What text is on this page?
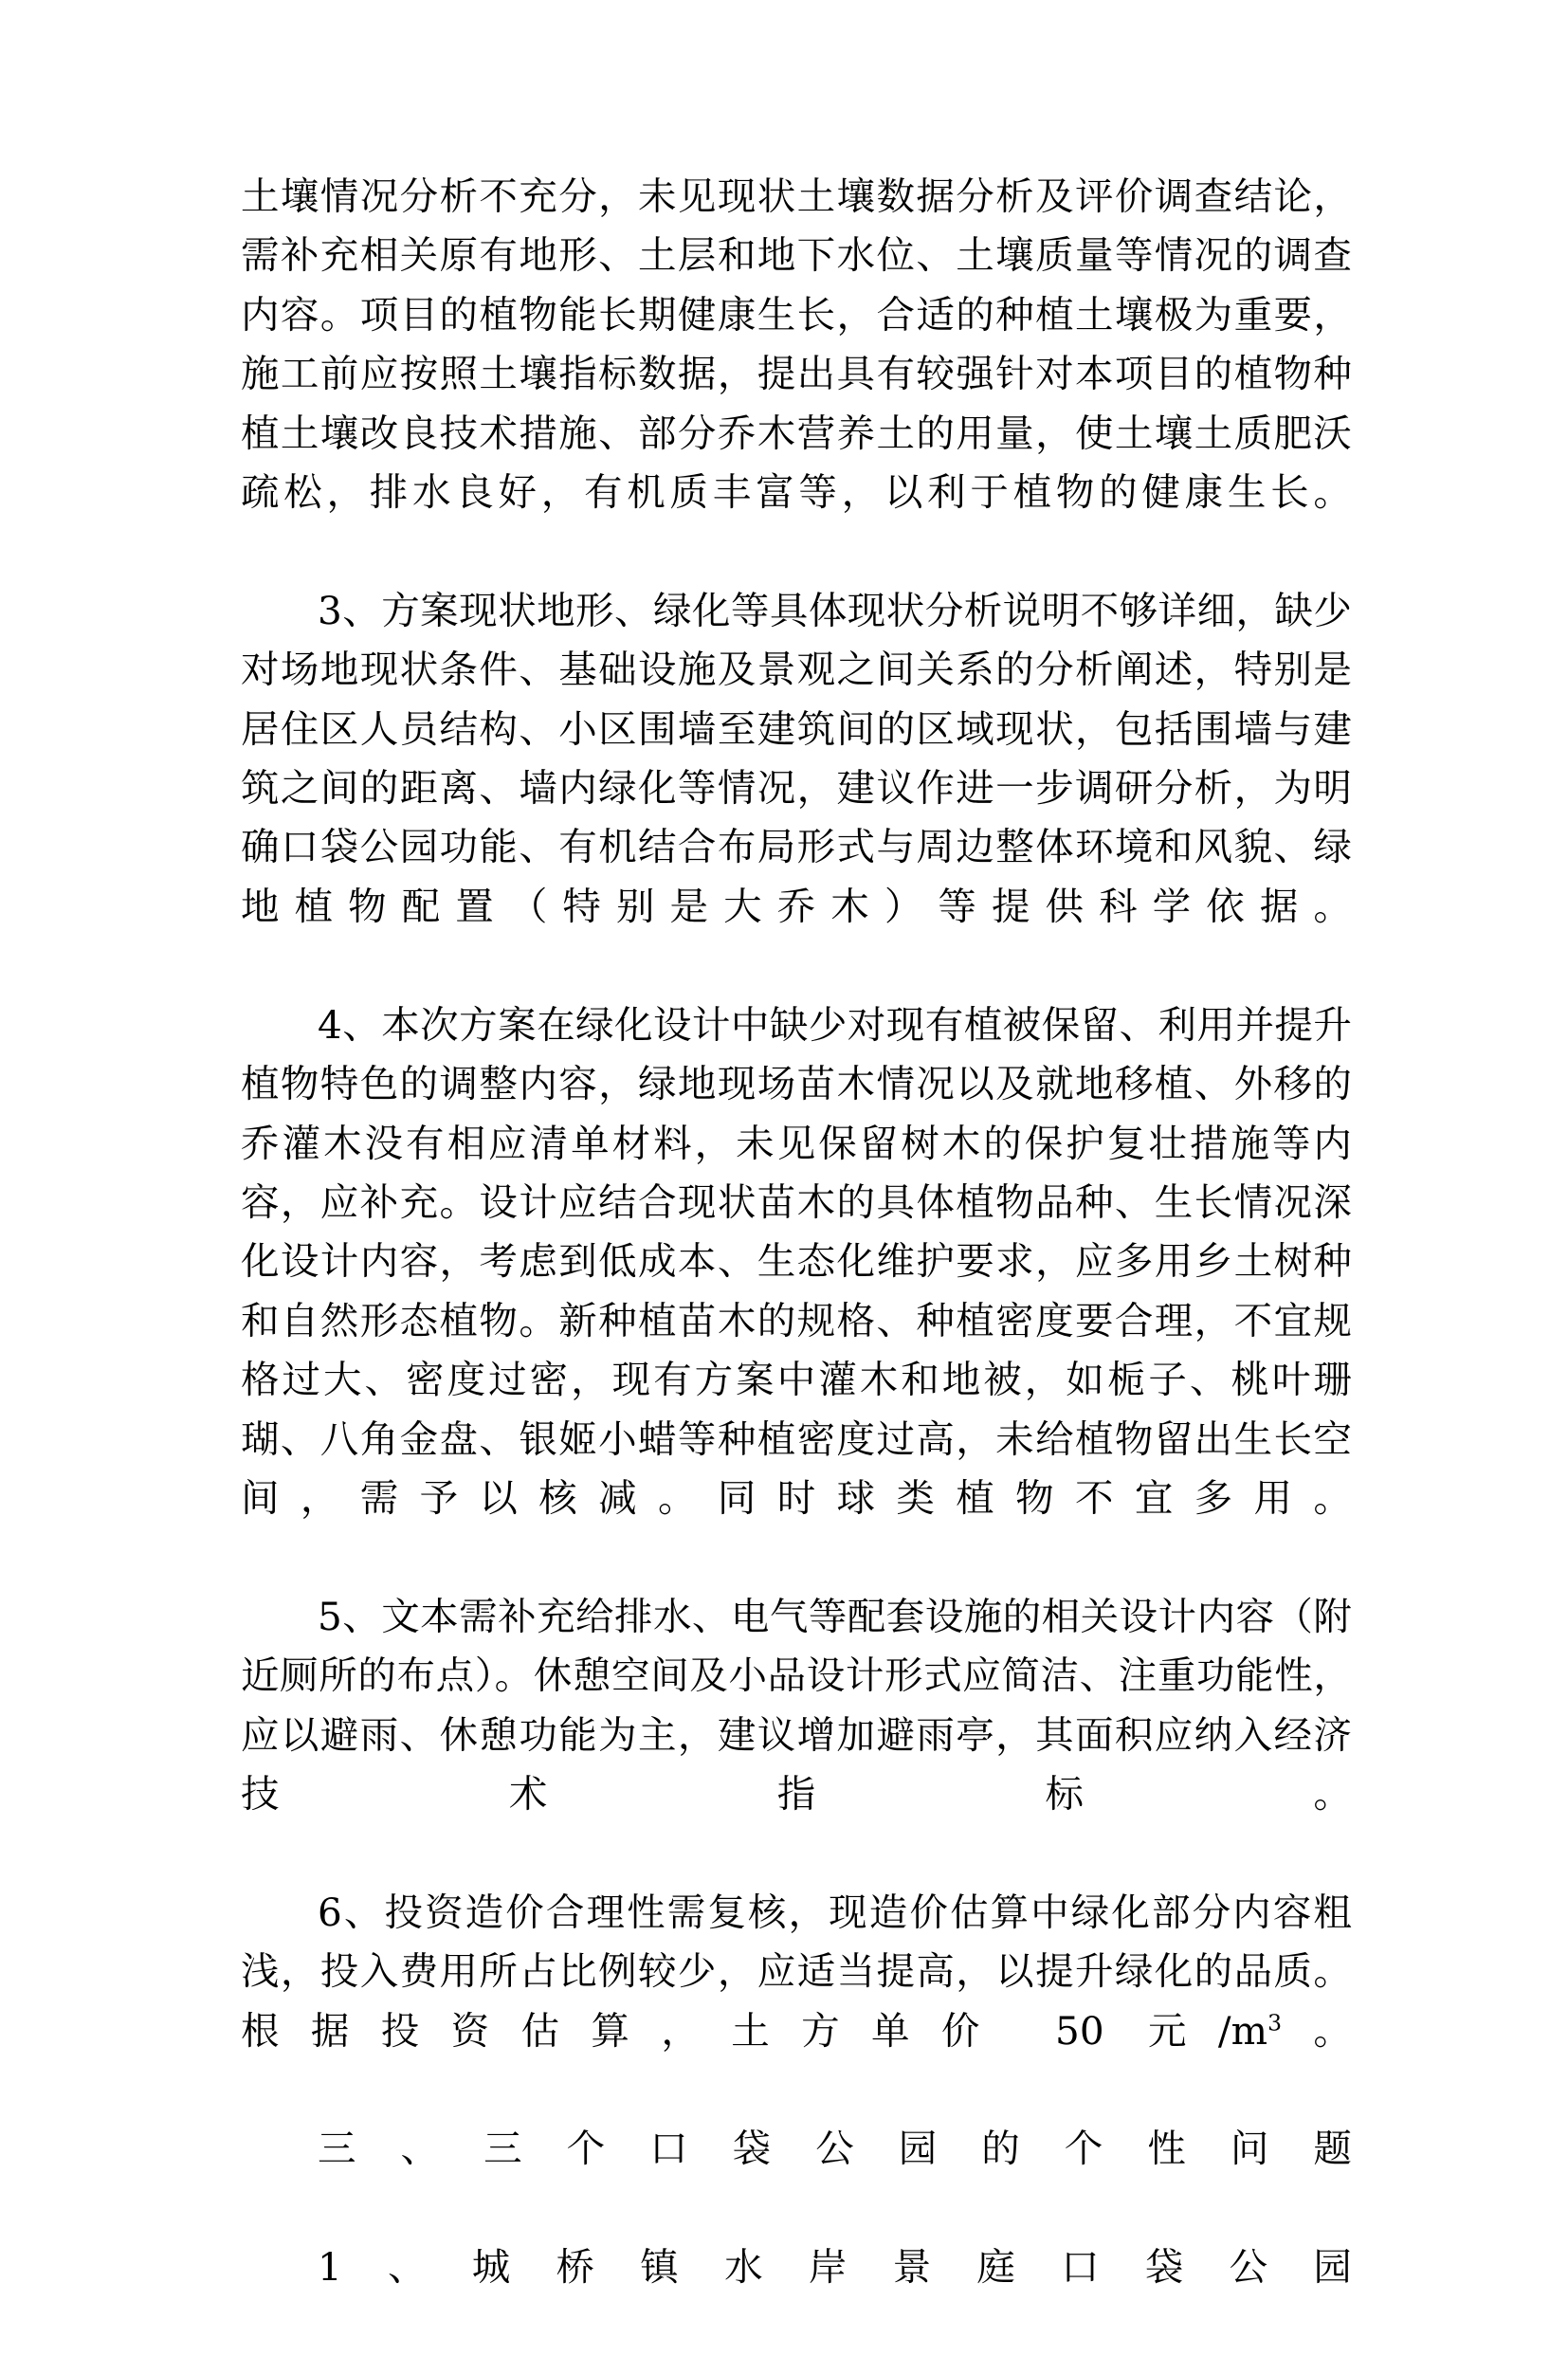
土壤情况分析不充分，未见现状土壤数据分析及评价调查结论，需补充相关原有地形、土层和地下水位、土壤质量等情况的调查内容。项目的植物能长期健康生长，合适的种植土壤极为重要，施工前应按照土壤指标数据，提出具有较强针对本项目的植物种植土壤改良技术措施、部分乔木营养土的用量，使土壤土质肥沃疏松，排水良好，有机质丰富等，以利于植物的健康生长。

3、方案现状地形、绿化等具体现状分析说明不够详细，缺少对场地现状条件、基础设施及景观之间关系的分析阐述，特别是居住区人员结构、小区围墙至建筑间的区域现状，包括围墙与建筑之间的距离、墙内绿化等情况，建议作进一步调研分析，为明确口袋公园功能、有机结合布局形式与周边整体环境和风貌、绿地植物配置（特别是大乔木）等提供科学依据。

4、本次方案在绿化设计中缺少对现有植被保留、利用并提升植物特色的调整内容，绿地现场苗木情况以及就地移植、外移的乔灌木没有相应清单材料，未见保留树木的保护复壮措施等内容，应补充。设计应结合现状苗木的具体植物品种、生长情况深化设计内容，考虑到低成本、生态化维护要求，应多用乡土树种和自然形态植物。新种植苗木的规格、种植密度要合理，不宜规格过大、密度过密，现有方案中灌木和地被，如栀子、桃叶珊瑚、八角金盘、银姬小蜡等种植密度过高，未给植物留出生长空间，需予以核减。同时球类植物不宜多用。

5、文本需补充给排水、电气等配套设施的相关设计内容（附近厕所的布点）。休憩空间及小品设计形式应简洁、注重功能性，应以避雨、休憩功能为主，建议增加避雨亭，其面积应纳入经济技术指标。

6、投资造价合理性需复核，现造价估算中绿化部分内容粗浅，投入费用所占比例较少，应适当提高，以提升绿化的品质。根据投资估算，土方单价 50 元$/m^3$。

三、三个口袋公园的个性问题

1、城桥镇水岸景庭口袋公园
